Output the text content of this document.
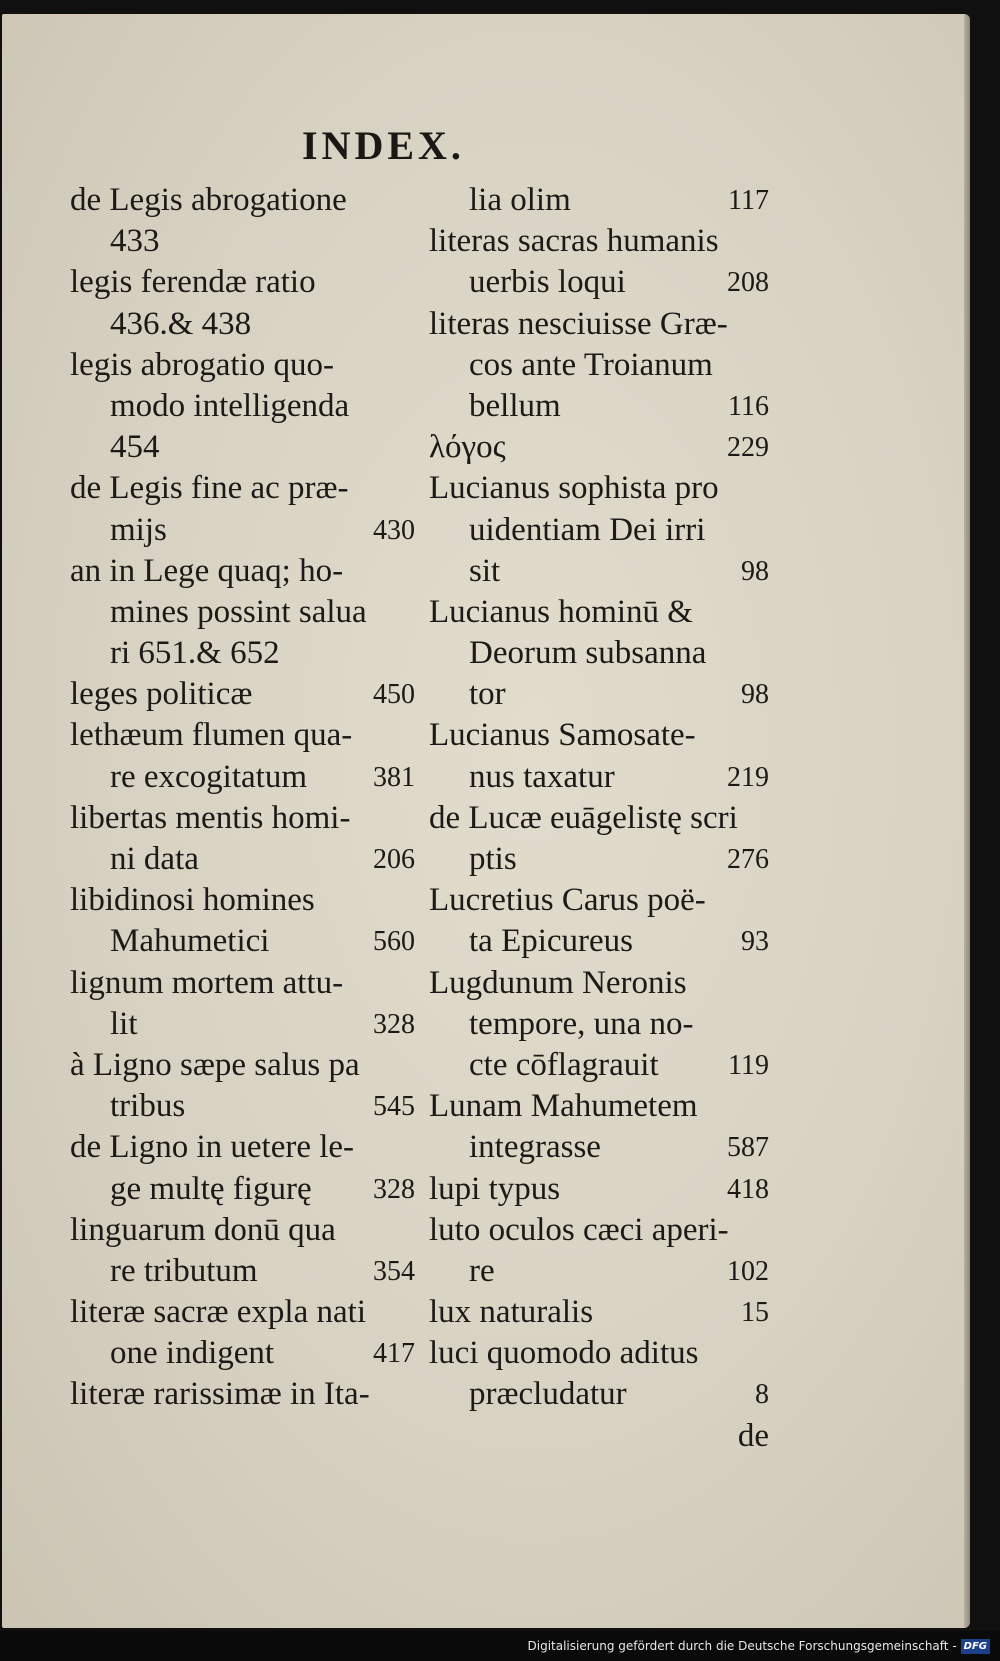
INDEX.
de Legis abrogatione
433
legis ferendæ ratio
436.& 438
legis abrogatio quo-
modo intelligenda
454
de Legis fine ac præ-
mijs	430
an in Lege quaq; ho-
mines possint salua
ri 651.& 652
leges politicæ	450
lethæum flumen qua-
re excogitatum 381
libertas mentis homi-
ni data	206
libidinosi homines
Mahumetici	560
lignum mortem attu-
lit	328
à Ligno sæpe salus pa
tribus	545
de Ligno in uetere le-
ge multę figurę 328
linguarum donū qua
re tributum	354
literæ sacræ expla nati
one indigent	417
literæ rarissimæ in Ita-
lia olim	117
literas sacras humanis
uerbis loqui	208
literas nesciuisse Græ-
cos ante Troianum
bellum	116
λόγος	229
Lucianus sophista pro
uidentiam Dei irri
sit	98
Lucianus hominū &
Deorum subsanna
tor	98
Lucianus Samosate-
nus taxatur	219
de Lucæ euāgelistę scri
ptis	276
Lucretius Carus poë-
ta Epicureus	93
Lugdunum Neronis
tempore, una no-
cte cōflagrauit 119
Lunam Mahumetem
integrasse	587
lupi typus	418
luto oculos cæci aperi-
re	102
lux naturalis	15
luci quomodo aditus
præcludatur	8
de
Digitalisierung gefördert durch die Deutsche Forschungsgemeinschaft - DFG
